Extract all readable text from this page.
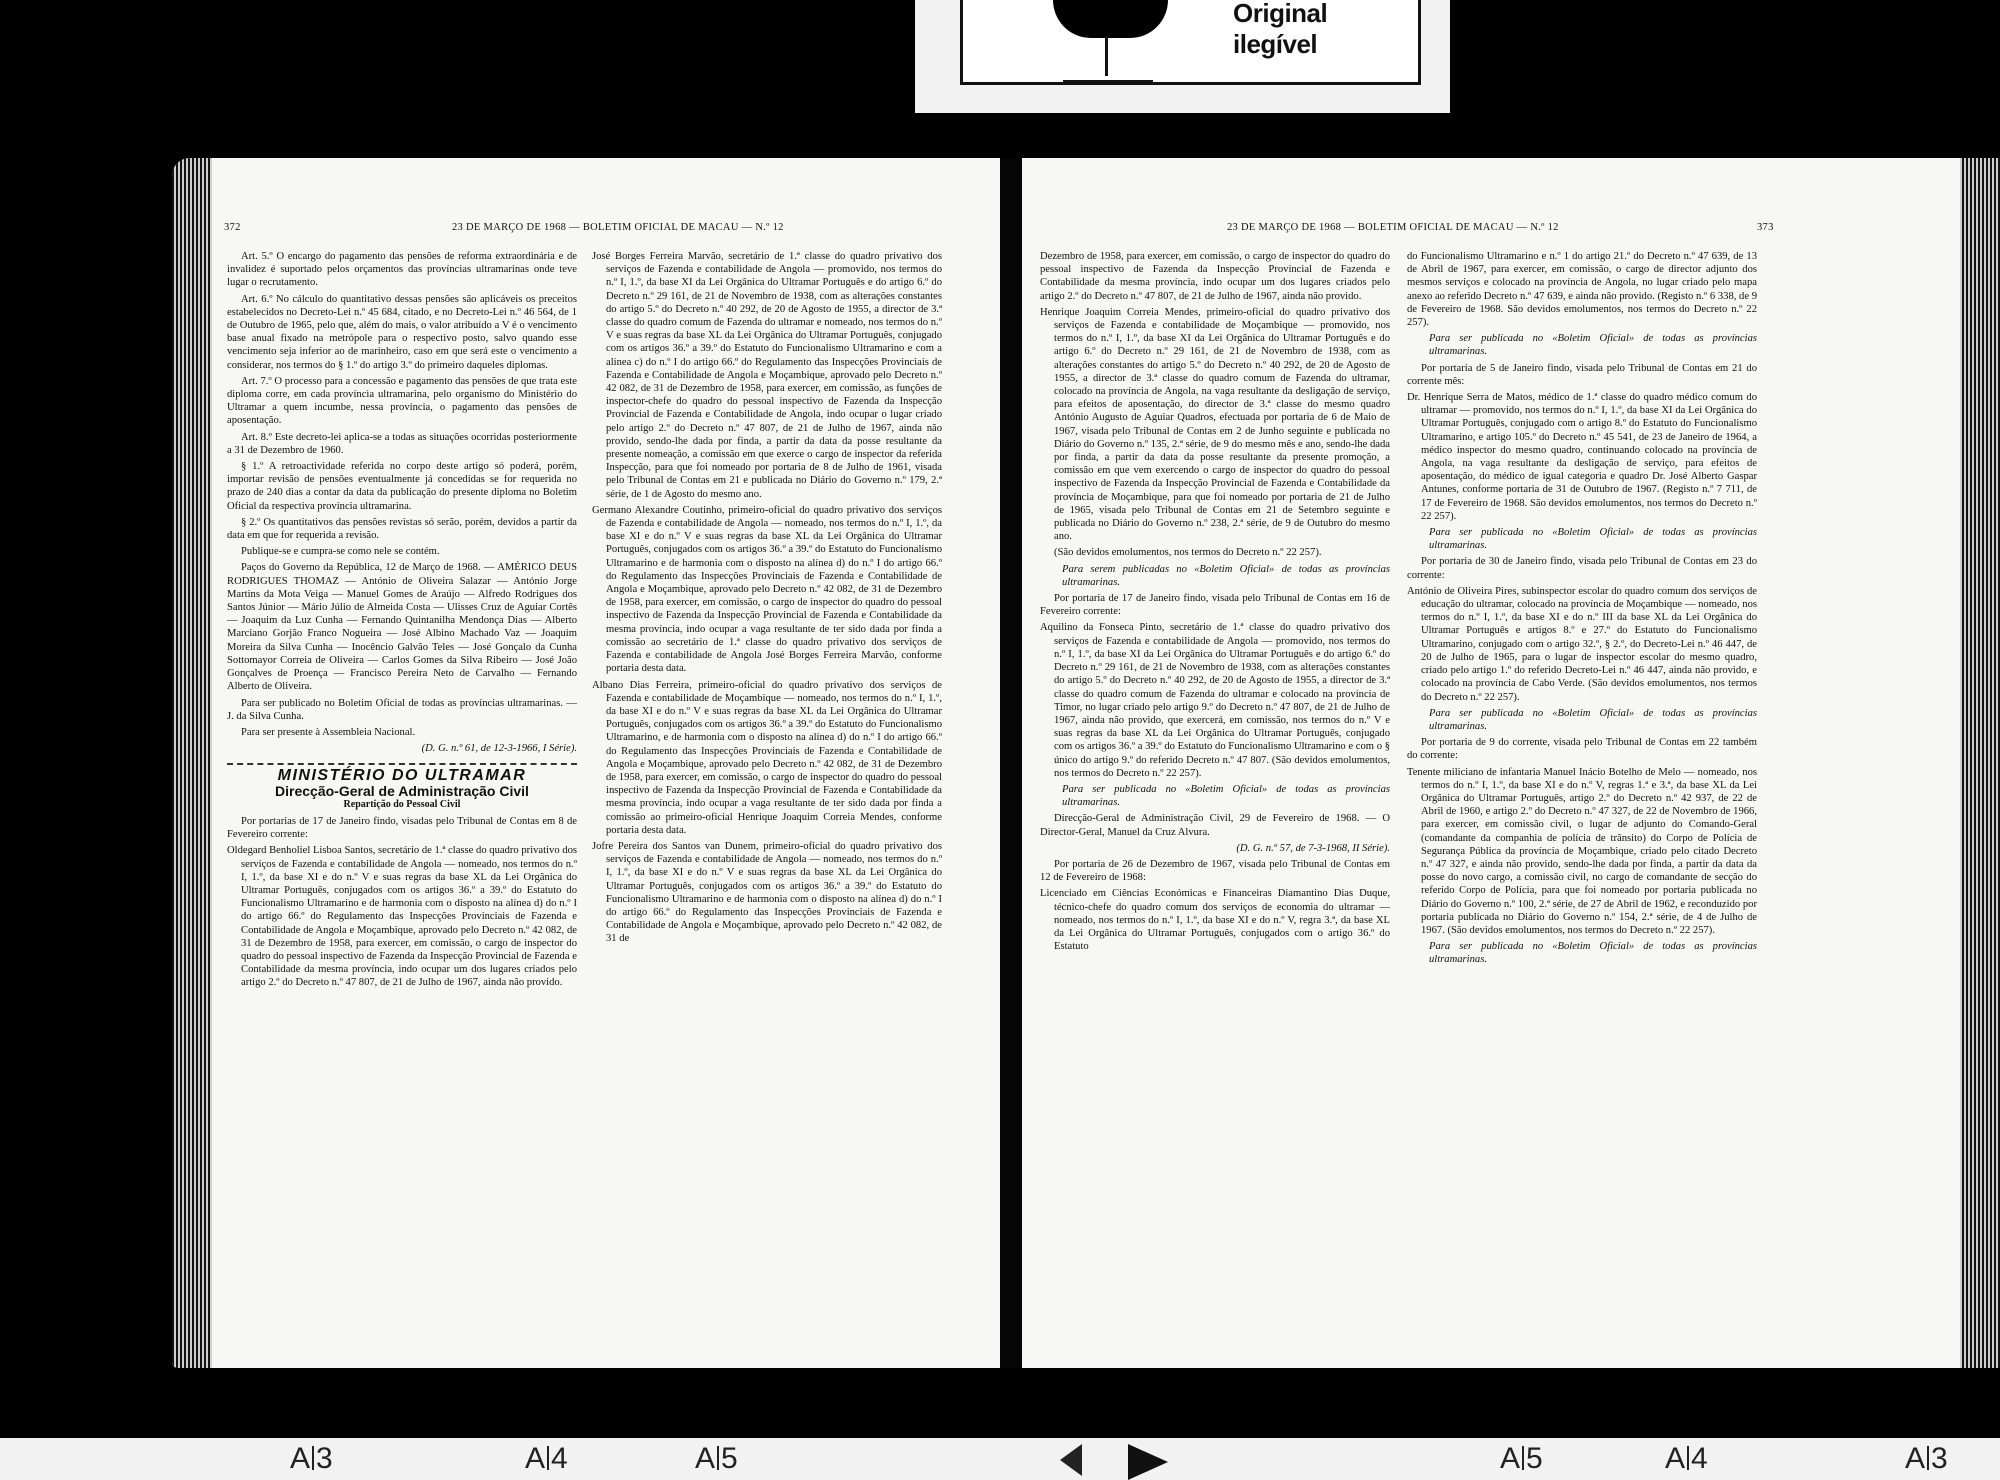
Original ilegível
372	23 DE MARÇO DE 1968 — BOLETIM OFICIAL DE MACAU — N.º 12

Art. 5.º O encargo do pagamento das pensões de reforma extraordinária e de invalidez é suportado pelos orçamentos das províncias ultramarinas onde teve lugar o recrutamento.

Art. 6.º No cálculo do quantitativo dessas pensões são aplicáveis os preceitos estabelecidos no Decreto-Lei n.º 45 684, citado, e no Decreto-Lei n.º 46 564, de 1 de Outubro de 1965, pelo que, além do mais, o valor atribuído a V é o vencimento base anual fixado na metrópole para o respectivo posto, salvo quando esse vencimento seja inferior ao de marinheiro, caso em que será este o vencimento a considerar, nos termos do § 1.º do artigo 3.º do primeiro daqueles diplomas.

Art. 7.º O processo para a concessão e pagamento das pensões de que trata este diploma corre, em cada província ultramarina, pelo organismo do Ministério do Ultramar a quem incumbe, nessa província, o pagamento das pensões de aposentação.

Art. 8.º Este decreto-lei aplica-se a todas as situações ocorridas posteriormente a 31 de Dezembro de 1960.

§ 1.º A retroactividade referida no corpo deste artigo só poderá, porém, importar revisão de pensões eventualmente já concedidas se for requerida no prazo de 240 dias a contar da data da publicação do presente diploma no Boletim Oficial da respectiva província ultramarina.

§ 2.º Os quantitativos das pensões revistas só serão, porém, devidos a partir da data em que for requerida a revisão.

Publique-se e cumpra-se como nele se contém.

Paços do Governo da República, 12 de Março de 1968. — AMÉRICO DEUS RODRIGUES THOMAZ — António de Oliveira Salazar — António Jorge Martins da Mota Veiga — Manuel Gomes de Araújo — Alfredo Rodrigues dos Santos Júnior — Mário Júlio de Almeida Costa — Ulisses Cruz de Aguiar Cortês — Joaquim da Luz Cunha — Fernando Quintanilha Mendonça Dias — Alberto Marciano Gorjão Franco Nogueira — José Albino Machado Vaz — Joaquim Moreira da Silva Cunha — Inocêncio Galvão Teles — José Gonçalo da Cunha Sottomayor Correia de Oliveira — Carlos Gomes da Silva Ribeiro — José João Gonçalves de Proença — Francisco Pereira Neto de Carvalho — Fernando Alberto de Oliveira.

Para ser publicado no Boletim Oficial de todas as províncias ultramarinas. — J. da Silva Cunha.

Para ser presente à Assembleia Nacional.

(D. G. n.º 61, de 12-3-1966, I Série).

MINISTÉRIO DO ULTRAMAR
Direcção-Geral de Administração Civil
Repartição do Pessoal Civil

Por portarias de 17 de Janeiro findo, visadas pelo Tribunal de Contas em 8 de Fevereiro corrente:

Oldegard Benholiel Lisboa Santos, secretário de 1.ª classe do quadro privativo dos serviços de Fazenda e contabilidade de Angola — nomeado, nos termos do n.º I, 1.º, da base XI e do n.º V e suas regras da base XL da Lei Orgânica do Ultramar Português, conjugados com os artigos 36.º a 39.º do Estatuto do Funcionalismo Ultramarino e de harmonia com o disposto na alínea d) do n.º I do artigo 66.º do Regulamento das Inspecções Provinciais de Fazenda e Contabilidade de Angola e Moçambique, aprovado pelo Decreto n.º 42 082, de 31 de Dezembro de 1958, para exercer, em comissão, o cargo de inspector do quadro do pessoal inspectivo de Fazenda da Inspecção Provincial de Fazenda e Contabilidade da mesma província, indo ocupar um dos lugares criados pelo artigo 2.º do Decreto n.º 47 807, de 21 de Julho de 1967, ainda não provido.

José Borges Ferreira Marvão, secretário de 1.ª classe do quadro privativo dos serviços de Fazenda e contabilidade de Angola — promovido, nos termos do n.º I, 1.º, da base XI da Lei Orgânica do Ultramar Português e do artigo 6.º do Decreto n.º 29 161, de 21 de Novembro de 1938, com as alterações constantes do artigo 5.º do Decreto n.º 40 292, de 20 de Agosto de 1955, a director de 3.ª classe do quadro comum de Fazenda do ultramar e nomeado, nos termos do n.º V e suas regras da base XL da Lei Orgânica do Ultramar Português, conjugado com os artigos 36.º a 39.º do Estatuto do Funcionalismo Ultramarino e com a alínea c) do n.º I do artigo 66.º do Regulamento das Inspecções Provinciais de Fazenda e Contabilidade de Angola e Moçambique, aprovado pelo Decreto n.º 42 082, de 31 de Dezembro de 1958, para exercer, em comissão, as funções de inspector-chefe do quadro do pessoal inspectivo de Fazenda da Inspecção Provincial de Fazenda e Contabilidade de Angola, indo ocupar o lugar criado pelo artigo 2.º do Decreto n.º 47 807, de 21 de Julho de 1967, ainda não provido, sendo-lhe dada por finda, a partir da data da posse resultante da presente nomeação, a comissão em que exerce o cargo de inspector da referida Inspecção, para que foi nomeado por portaria de 8 de Julho de 1961, visada pelo Tribunal de Contas em 21 e publicada no Diário do Governo n.º 179, 2.ª série, de 1 de Agosto do mesmo ano.

Germano Alexandre Coutinho, primeiro-oficial do quadro privativo dos serviços de Fazenda e contabilidade de Angola — nomeado, nos termos do n.º I, 1.º, da base XI e do n.º V e suas regras da base XL da Lei Orgânica do Ultramar Português, conjugados com os artigos 36.º a 39.º do Estatuto do Funcionalismo Ultramarino e de harmonia com o disposto na alínea d) do n.º I do artigo 66.º do Regulamento das Inspecções Provinciais de Fazenda e Contabilidade de Angola e Moçambique, aprovado pelo Decreto n.º 42 082, de 31 de Dezembro de 1958, para exercer, em comissão, o cargo de inspector do quadro do pessoal inspectivo de Fazenda da Inspecção Provincial de Fazenda e Contabilidade da mesma província, indo ocupar a vaga resultante de ter sido dada por finda a comissão ao secretário de 1.ª classe do quadro privativo dos serviços de Fazenda e contabilidade de Angola José Borges Ferreira Marvão, conforme portaria desta data.

Albano Dias Ferreira, primeiro-oficial do quadro privativo dos serviços de Fazenda e contabilidade de Moçambique — nomeado, nos termos do n.º I, 1.º, da base XI e do n.º V e suas regras da base XL da Lei Orgânica do Ultramar Português, conjugados com os artigos 36.º a 39.º do Estatuto do Funcionalismo Ultramarino, e de harmonia com o disposto na alínea d) do n.º I do artigo 66.º do Regulamento das Inspecções Provinciais de Fazenda e Contabilidade de Angola e Moçambique, aprovado pelo Decreto n.º 42 082, de 31 de Dezembro de 1958, para exercer, em comissão, o cargo de inspector do quadro do pessoal inspectivo de Fazenda da Inspecção Provincial de Fazenda e Contabilidade da mesma província, indo ocupar a vaga resultante de ter sido dada por finda a comissão ao primeiro-oficial Henrique Joaquim Correia Mendes, conforme portaria desta data.

Jofre Pereira dos Santos van Dunem, primeiro-oficial do quadro privativo dos serviços de Fazenda e contabilidade de Angola — nomeado, nos termos do n.º I, 1.º, da base XI e do n.º V e suas regras da base XL da Lei Orgânica do Ultramar Português, conjugados com os artigos 36.º a 39.º do Estatuto do Funcionalismo Ultramarino e de harmonia com o disposto na alínea d) do n.º I do artigo 66.º do Regulamento das Inspecções Provinciais de Fazenda e Contabilidade de Angola e Moçambique, aprovado pelo Decreto n.º 42 082, de 31 de

23 DE MARÇO DE 1968 — BOLETIM OFICIAL DE MACAU — N.º 12	373

Dezembro de 1958, para exercer, em comissão, o cargo de inspector do quadro do pessoal inspectivo de Fazenda da Inspecção Provincial de Fazenda e Contabilidade da mesma província, indo ocupar um dos lugares criados pelo artigo 2.º do Decreto n.º 47 807, de 21 de Julho de 1967, ainda não provido.

Henrique Joaquim Correia Mendes, primeiro-oficial do quadro privativo dos serviços de Fazenda e contabilidade de Moçambique — promovido, nos termos do n.º I, 1.º, da base XI da Lei Orgânica do Ultramar Português e do artigo 6.º do Decreto n.º 29 161, de 21 de Novembro de 1938, com as alterações constantes do artigo 5.º do Decreto n.º 40 292, de 20 de Agosto de 1955, a director de 3.ª classe do quadro comum de Fazenda do ultramar, colocado na província de Angola, na vaga resultante da desligação de serviço, para efeitos de aposentação, do director de 3.ª classe do mesmo quadro António Augusto de Aguiar Quadros, efectuada por portaria de 6 de Maio de 1967, visada pelo Tribunal de Contas em 2 de Junho seguinte e publicada no Diário do Governo n.º 135, 2.ª série, de 9 do mesmo mês e ano, sendo-lhe dada por finda, a partir da data da posse resultante da presente promoção, a comissão em que vem exercendo o cargo de inspector do quadro do pessoal inspectivo de Fazenda da Inspecção Provincial de Fazenda e Contabilidade da província de Moçambique, para que foi nomeado por portaria de 21 de Julho de 1965, visada pelo Tribunal de Contas em 21 de Setembro seguinte e publicada no Diário do Governo n.º 238, 2.ª série, de 9 de Outubro do mesmo ano.

(São devidos emolumentos, nos termos do Decreto n.º 22 257).

Para serem publicadas no «Boletim Oficial» de todas as províncias ultramarinas.

Por portaria de 17 de Janeiro findo, visada pelo Tribunal de Contas em 16 de Fevereiro corrente:

Aquilino da Fonseca Pinto, secretário de 1.ª classe do quadro privativo dos serviços de Fazenda e contabilidade de Angola — promovido, nos termos do n.º I, 1.º, da base XI da Lei Orgânica do Ultramar Português e do artigo 6.º do Decreto n.º 29 161, de 21 de Novembro de 1938, com as alterações constantes do artigo 5.º do Decreto n.º 40 292, de 20 de Agosto de 1955, a director de 3.ª classe do quadro comum de Fazenda do ultramar e colocado na província de Timor, no lugar criado pelo artigo 9.º do Decreto n.º 47 807, de 21 de Julho de 1967, ainda não provido, que exercerá, em comissão, nos termos do n.º V e suas regras da base XL da Lei Orgânica do Ultramar Português, conjugado com os artigos 36.º a 39.º do Estatuto do Funcionalismo Ultramarino e com o § único do artigo 9.º do referido Decreto n.º 47 807. (São devidos emolumentos, nos termos do Decreto n.º 22 257).

Para ser publicada no «Boletim Oficial» de todas as províncias ultramarinas.

Direcção-Geral de Administração Civil, 29 de Fevereiro de 1968. — O Director-Geral, Manuel da Cruz Alvura.

(D. G. n.º 57, de 7-3-1968, II Série).

Por portaria de 26 de Dezembro de 1967, visada pelo Tribunal de Contas em 12 de Fevereiro de 1968:

Licenciado em Ciências Económicas e Financeiras Diamantino Dias Duque, técnico-chefe do quadro comum dos serviços de economia do ultramar — nomeado, nos termos do n.º I, 1.º, da base XI e do n.º V, regra 3.ª, da base XL da Lei Orgânica do Ultramar Português, conjugados com o artigo 36.º do Estatuto

do Funcionalismo Ultramarino e n.º 1 do artigo 21.º do Decreto n.º 47 639, de 13 de Abril de 1967, para exercer, em comissão, o cargo de director adjunto dos mesmos serviços e colocado na província de Angola, no lugar criado pelo mapa anexo ao referido Decreto n.º 47 639, e ainda não provido. (Registo n.º 6 338, de 9 de Fevereiro de 1968. São devidos emolumentos, nos termos do Decreto n.º 22 257).

Para ser publicada no «Boletim Oficial» de todas as províncias ultramarinas.

Por portaria de 5 de Janeiro findo, visada pelo Tribunal de Contas em 21 do corrente mês:

Dr. Henrique Serra de Matos, médico de 1.ª classe do quadro médico comum do ultramar — promovido, nos termos do n.º I, 1.º, da base XI da Lei Orgânica do Ultramar Português, conjugado com o artigo 8.º do Estatuto do Funcionalismo Ultramarino, e artigo 105.º do Decreto n.º 45 541, de 23 de Janeiro de 1964, a médico inspector do mesmo quadro, continuando colocado na província de Angola, na vaga resultante da desligação de serviço, para efeitos de aposentação, do médico de igual categoria e quadro Dr. José Alberto Gaspar Antunes, conforme portaria de 31 de Outubro de 1967. (Registo n.º 7 711, de 17 de Fevereiro de 1968. São devidos emolumentos, nos termos do Decreto n.º 22 257).

Para ser publicada no «Boletim Oficial» de todas as províncias ultramarinas.

Por portaria de 30 de Janeiro findo, visada pelo Tribunal de Contas em 23 do corrente:

António de Oliveira Pires, subinspector escolar do quadro comum dos serviços de educação do ultramar, colocado na província de Moçambique — nomeado, nos termos do n.º I, 1.º, da base XI e do n.º III da base XL da Lei Orgânica do Ultramar Português e artigos 8.º e 27.º do Estatuto do Funcionalismo Ultramarino, conjugado com o artigo 32.º, § 2.º, do Decreto-Lei n.º 46 447, de 20 de Julho de 1965, para o lugar de inspector escolar do mesmo quadro, criado pelo artigo 1.º do referido Decreto-Lei n.º 46 447, ainda não provido, e colocado na província de Cabo Verde. (São devidos emolumentos, nos termos do Decreto n.º 22 257).

Para ser publicada no «Boletim Oficial» de todas as províncias ultramarinas.

Por portaria de 9 do corrente, visada pelo Tribunal de Contas em 22 também do corrente:

Tenente miliciano de infantaria Manuel Inácio Botelho de Melo — nomeado, nos termos do n.º I, 1.º, da base XI e do n.º V, regras 1.ª e 3.ª, da base XL da Lei Orgânica do Ultramar Português, artigo 2.º do Decreto n.º 42 937, de 22 de Abril de 1960, e artigo 2.º do Decreto n.º 47 327, de 22 de Novembro de 1966, para exercer, em comissão civil, o lugar de adjunto do Comando-Geral (comandante da companhia de polícia de trânsito) do Corpo de Polícia de Segurança Pública da província de Moçambique, criado pelo citado Decreto n.º 47 327, e ainda não provido, sendo-lhe dada por finda, a partir da data da posse do novo cargo, a comissão civil, no cargo de comandante de secção do referido Corpo de Polícia, para que foi nomeado por portaria publicada no Diário do Governo n.º 100, 2.ª série, de 27 de Abril de 1962, e reconduzido por portaria publicada no Diário do Governo n.º 154, 2.ª série, de 4 de Julho de 1967. (São devidos emolumentos, nos termos do Decreto n.º 22 257).

Para ser publicada no «Boletim Oficial» de todas as províncias ultramarinas.

A 3	A 4	A 5	A 5	A 4	A 3
